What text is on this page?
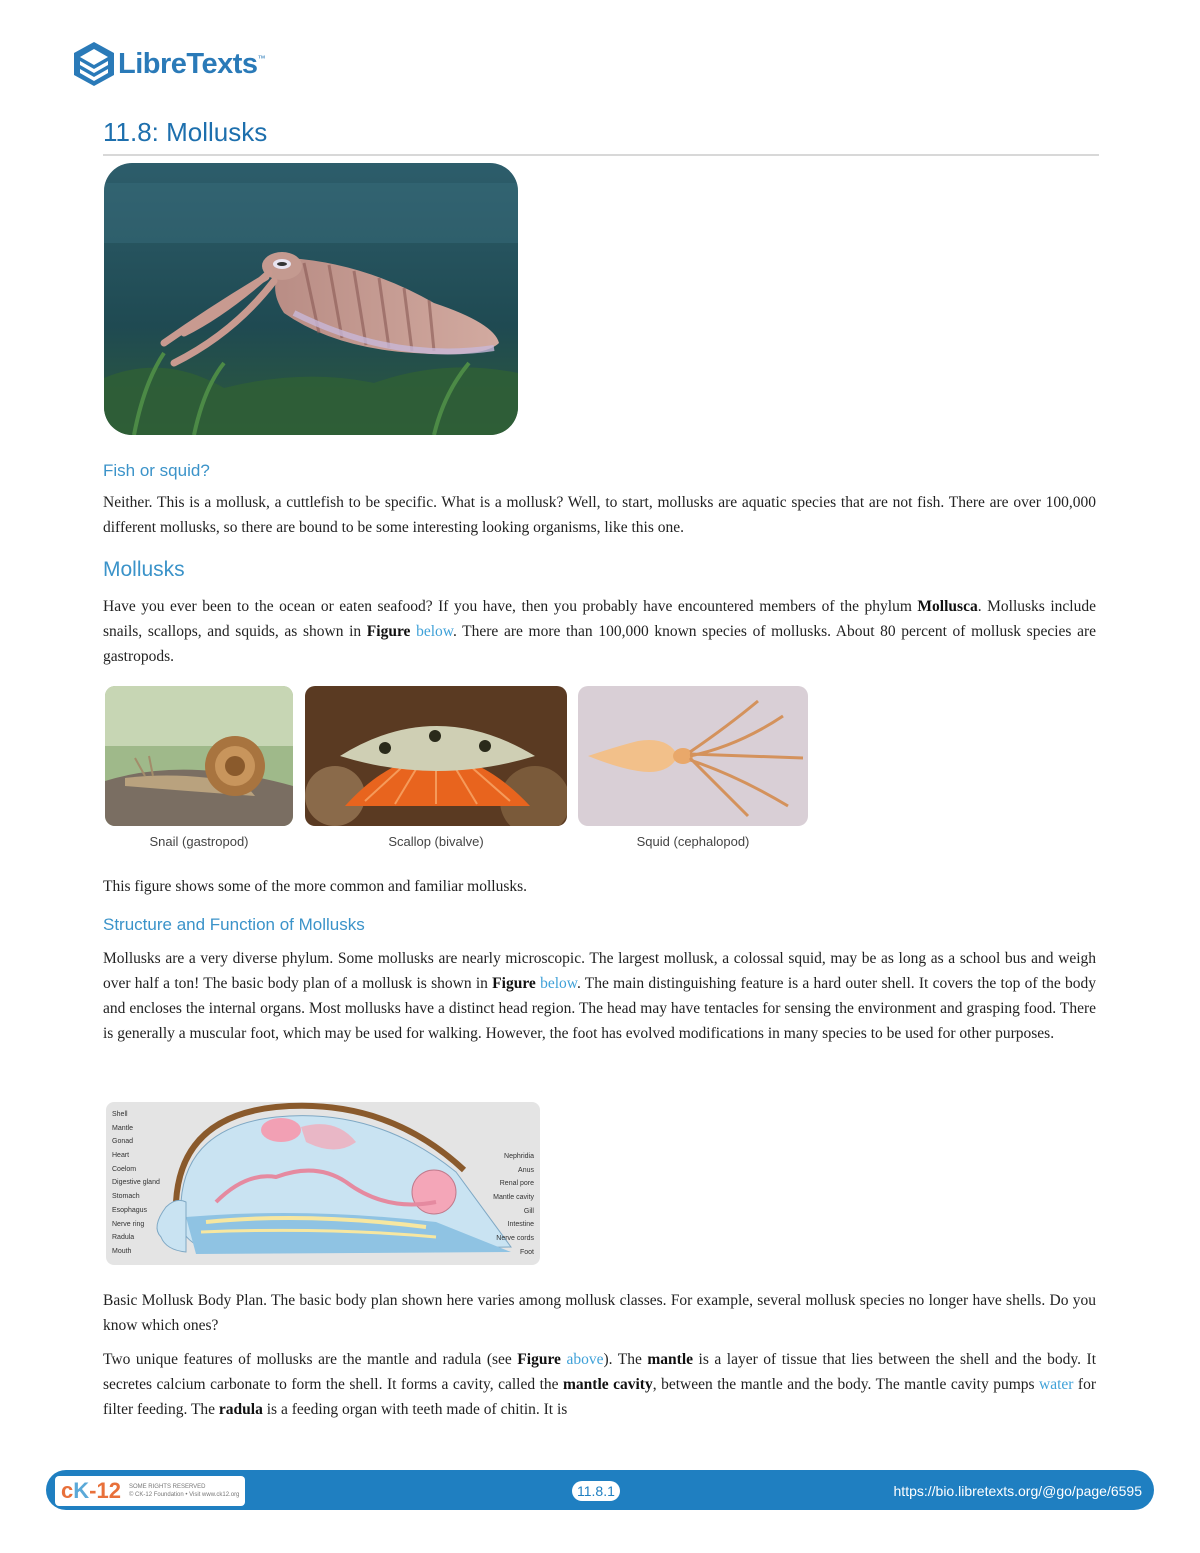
LibreTexts ™
11.8: Mollusks
Fish or squid?

Neither. This is a mollusk, a cuttlefish to be specific. What is a mollusk? Well, to start, mollusks are aquatic species that are not fish. There are over 100,000 different mollusks, so there are bound to be some interesting looking organisms, like this one.

Mollusks

Have you ever been to the ocean or eaten seafood? If you have, then you probably have encountered members of the phylum Mollusca. Mollusks include snails, scallops, and squids, as shown in Figure below. There are more than 100,000 known species of mollusks. About 80 percent of mollusk species are gastropods.

Snail (gastropod)	Scallop (bivalve)	Squid (cephalopod)

This figure shows some of the more common and familiar mollusks.

Structure and Function of Mollusks

Mollusks are a very diverse phylum. Some mollusks are nearly microscopic. The largest mollusk, a colossal squid, may be as long as a school bus and weigh over half a ton! The basic body plan of a mollusk is shown in Figure below. The main distinguishing feature is a hard outer shell. It covers the top of the body and encloses the internal organs. Most mollusks have a distinct head region. The head may have tentacles for sensing the environment and grasping food. There is generally a muscular foot, which may be used for walking. However, the foot has evolved modifications in many species to be used for other purposes.

Shell
Mantle
Gonad
Heart
Coelom
Digestive gland
Stomach
Esophagus
Nerve ring
Radula
Mouth
Nephridia
Anus
Renal pore
Mantle cavity
Gill
Intestine
Nerve cords
Foot

Basic Mollusk Body Plan. The basic body plan shown here varies among mollusk classes. For example, several mollusk species no longer have shells. Do you know which ones?

Two unique features of mollusks are the mantle and radula (see Figure above). The mantle is a layer of tissue that lies between the shell and the body. It secretes calcium carbonate to form the shell. It forms a cavity, called the mantle cavity, between the mantle and the body. The mantle cavity pumps water for filter feeding. The radula is a feeding organ with teeth made of chitin. It is

cK-12 SOME RIGHTS RESERVED
© CK-12 Foundation • Visit www.ck12.org	11.8.1	https://bio.libretexts.org/@go/page/6595
